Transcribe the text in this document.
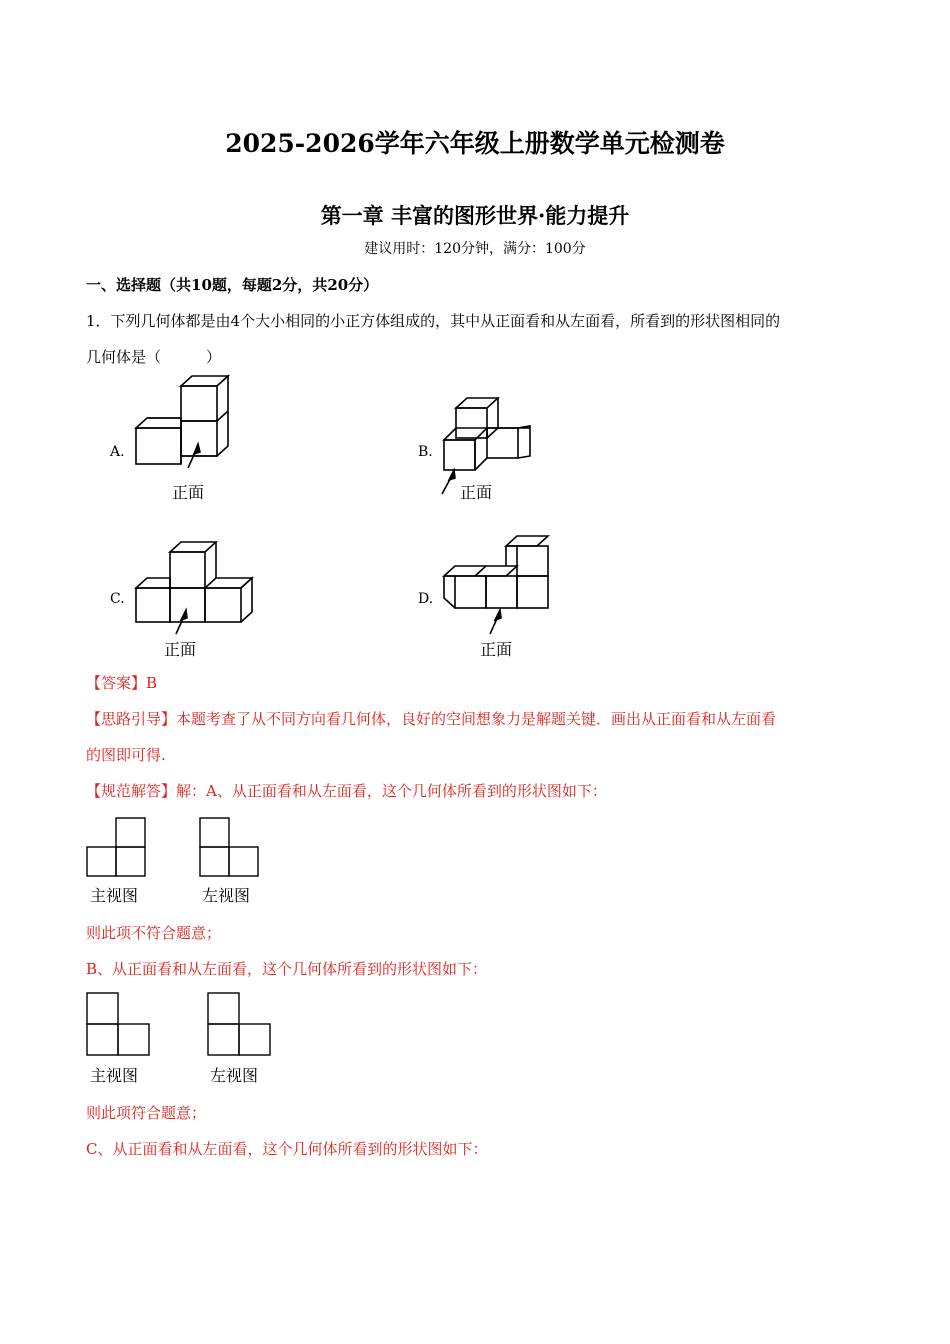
2025-2026学年六年级上册数学单元检测卷
第一章 丰富的图形世界·能力提升
建议用时：120分钟，满分：100分
一、选择题（共10题，每题2分，共20分）
1．下列几何体都是由4个大小相同的小正方体组成的，其中从正面看和从左面看，所看到的形状图相同的
几何体是（　　　）
A.
正面
B.
正面
C.
正面
D.
正面
【答案】B
【思路引导】本题考查了从不同方向看几何体，良好的空间想象力是解题关键．画出从正面看和从左面看
的图即可得.
【规范解答】解：A、从正面看和从左面看，这个几何体所看到的形状图如下：
主视图	左视图
则此项不符合题意；
B、从正面看和从左面看，这个几何体所看到的形状图如下：
主视图	左视图
则此项符合题意；
C、从正面看和从左面看，这个几何体所看到的形状图如下：
